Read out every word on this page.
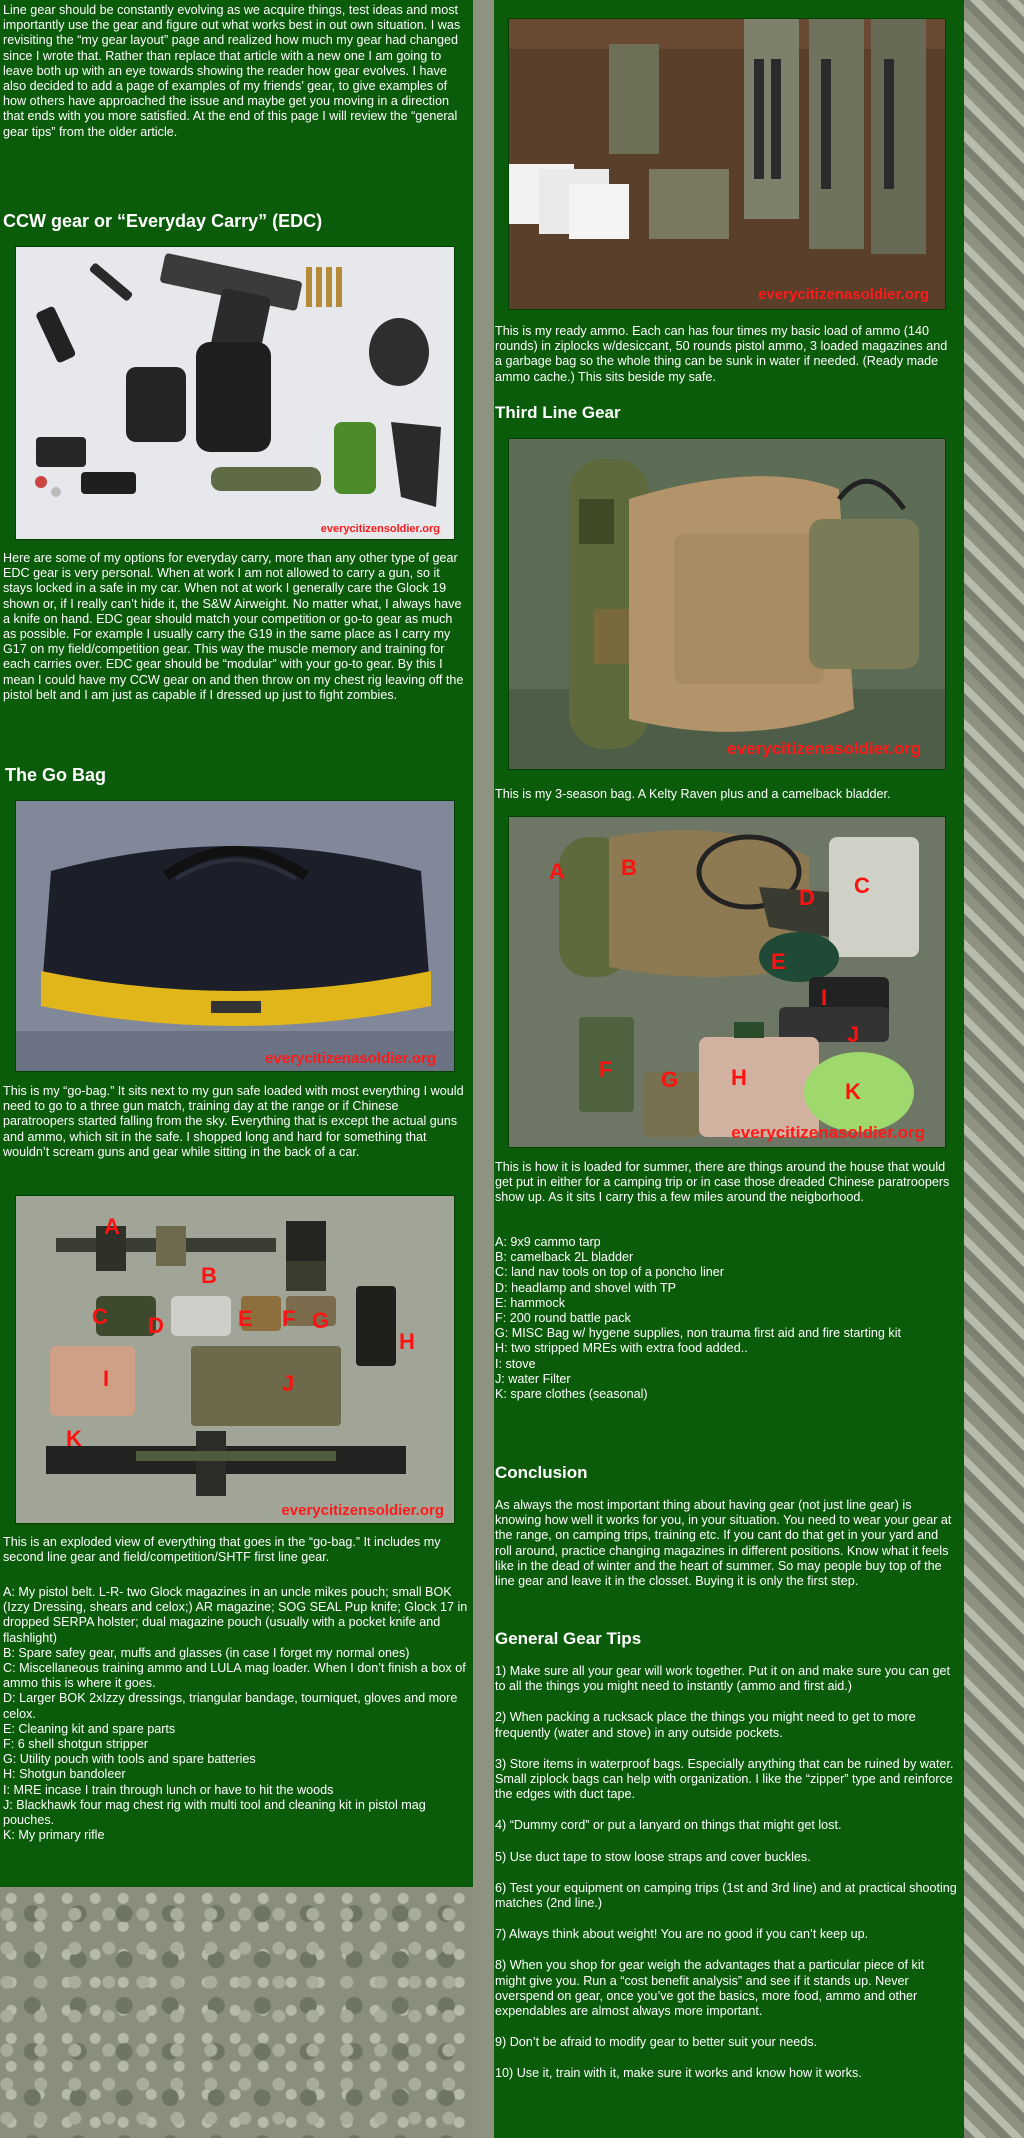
Line gear should be constantly evolving as we acquire things, test ideas and most importantly use the gear and figure out what works best in out own situation. I was revisiting the “my gear layout” page and realized how much my gear had changed since I wrote that. Rather than replace that article with a new one I am going to leave both up with an eye towards showing the reader how gear evolves. I have also decided to add a page of examples of my friends’ gear, to give examples of how others have approached the issue and maybe get you moving in a direction that ends with you more satisfied. At the end of this page I will review the “general gear tips” from the older article.

CCW gear or “Everyday Carry” (EDC)
everycitizensoldier.org

Here are some of my options for everyday carry, more than any other type of gear EDC gear is very personal. When at work I am not allowed to carry a gun, so it stays locked in a safe in my car. When not at work I generally care the Glock 19 shown or, if I really can’t hide it, the S&W Airweight. No matter what, I always have a knife on hand. EDC gear should match your competition or go-to gear as much as possible. For example I usually carry the G19 in the same place as I carry my G17 on my field/competition gear. This way the muscle memory and training for each carries over. EDC gear should be “modular” with your go-to gear. By this I mean I could have my CCW gear on and then throw on my chest rig leaving off the pistol belt and I am just as capable if I dressed up just to fight zombies.

The Go Bag
everycitizenasoldier.org

This is my “go-bag.” It sits next to my gun safe loaded with most everything I would need to go to a three gun match, training day at the range or if Chinese paratroopers started falling from the sky. Everything that is except the actual guns and ammo, which sit in the safe. I shopped long and hard for something that wouldn’t scream guns and gear while sitting in the back of a car.

A
B
C D	E F G
H
I	J
K
everycitizensoldier.org

This is an exploded view of everything that goes in the “go-bag.” It includes my second line gear and field/competition/SHTF first line gear.

A: My pistol belt. L-R- two Glock magazines in an uncle mikes pouch; small BOK (Izzy Dressing, shears and celox;) AR magazine; SOG SEAL Pup knife; Glock 17 in dropped SERPA holster; dual magazine pouch (usually with a pocket knife and flashlight)
B: Spare safey gear, muffs and glasses (in case I forget my normal ones)
C: Miscellaneous training ammo and LULA mag loader. When I don’t finish a box of ammo this is where it goes.
D: Larger BOK 2xIzzy dressings, triangular bandage, tourniquet, gloves and more celox.
E: Cleaning kit and spare parts
F: 6 shell shotgun stripper
G: Utility pouch with tools and spare batteries
H: Shotgun bandoleer
I: MRE incase I train through lunch or have to hit the woods
J: Blackhawk four mag chest rig with multi tool and cleaning kit in pistol mag pouches.
K: My primary rifle
everycitizenasoldier.org

This is my ready ammo. Each can has four times my basic load of ammo (140 rounds) in ziplocks w/desiccant, 50 rounds pistol ammo, 3 loaded magazines and a garbage bag so the whole thing can be sunk in water if needed. (Ready made ammo cache.) This sits beside my safe.

Third Line Gear
everycitizenasoldier.org

This is my 3-season bag. A Kelty Raven plus and a camelback bladder.

A	B
C
D
E
F G H
I
J
K
everycitizenasoldier.org

This is how it is loaded for summer, there are things around the house that would get put in either for a camping trip or in case those dreaded Chinese paratroopers show up. As it sits I carry this a few miles around the neigborhood.

A: 9x9 cammo tarp
B: camelback 2L bladder
C: land nav tools on top of a poncho liner
D: headlamp and shovel with TP
E: hammock
F: 200 round battle pack
G: MISC Bag w/ hygene supplies, non trauma first aid and fire starting kit
H: two stripped MREs with extra food added..
I: stove
J: water Filter
K: spare clothes (seasonal)
Conclusion

As always the most important thing about having gear (not just line gear) is knowing how well it works for you, in your situation. You need to wear your gear at the range, on camping trips, training etc. If you cant do that get in your yard and roll around, practice changing magazines in different positions. Know what it feels like in the dead of winter and the heart of summer. So may people buy top of the line gear and leave it in the closset. Buying it is only the first step.

General Gear Tips
1) Make sure all your gear will work together. Put it on and make sure you can get to all the things you might need to instantly (ammo and first aid.)
2) When packing a rucksack place the things you might need to get to more frequently (water and stove) in any outside pockets.
3) Store items in waterproof bags. Especially anything that can be ruined by water. Small ziplock bags can help with organization. I like the “zipper” type and reinforce the edges with duct tape.
4) “Dummy cord” or put a lanyard on things that might get lost.
5) Use duct tape to stow loose straps and cover buckles.
6) Test your equipment on camping trips (1st and 3rd line) and at practical shooting matches (2nd line.)
7) Always think about weight! You are no good if you can’t keep up.
8) When you shop for gear weigh the advantages that a particular piece of kit might give you. Run a “cost benefit analysis” and see if it stands up. Never overspend on gear, once you’ve got the basics, more food, ammo and other expendables are almost always more important.
9) Don’t be afraid to modify gear to better suit your needs.
10) Use it, train with it, make sure it works and know how it works.
